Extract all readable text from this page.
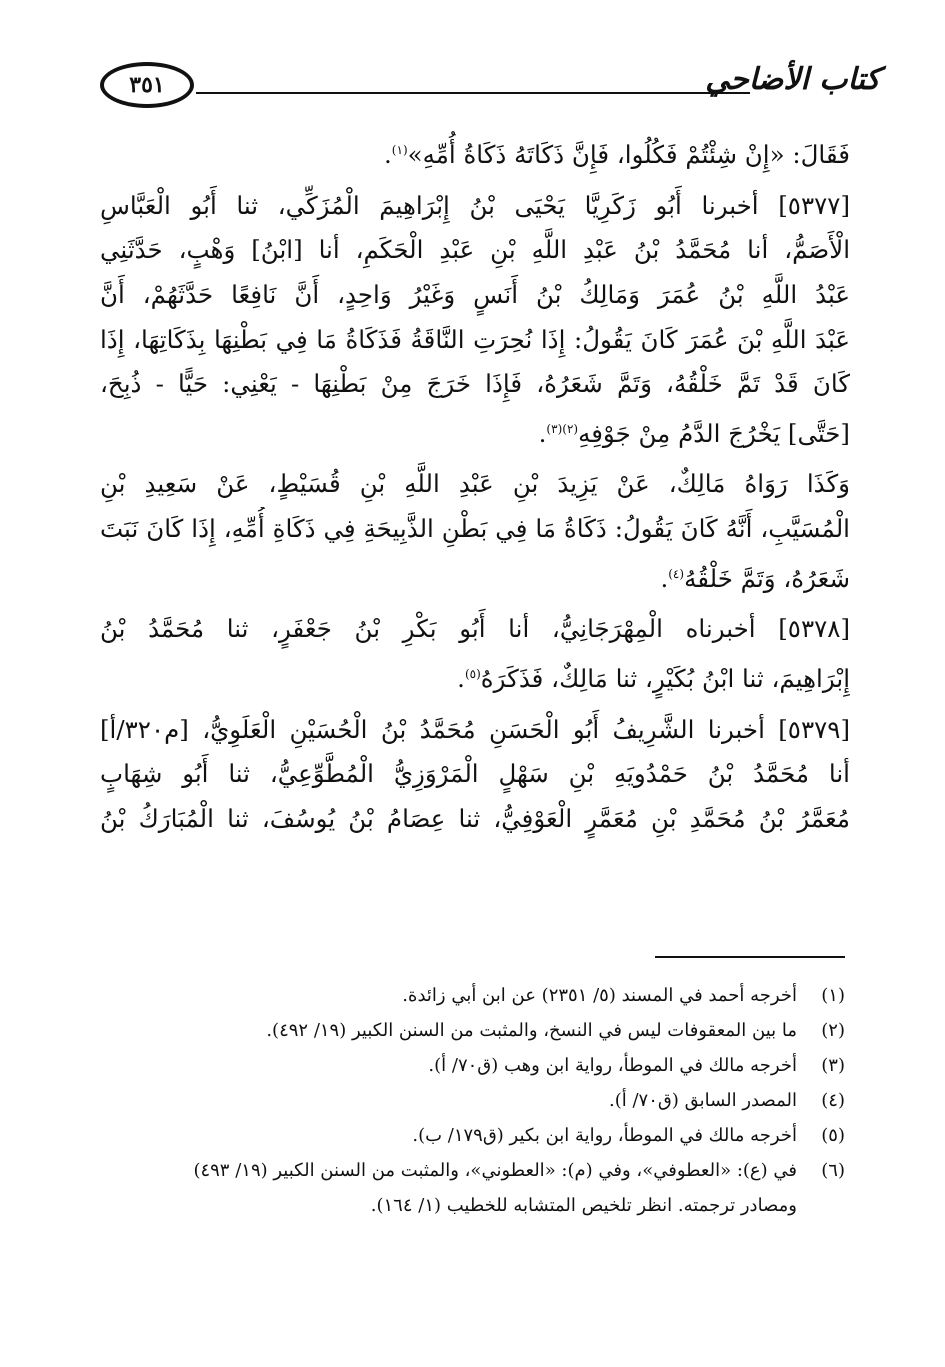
٣٥١	كتاب الأضاحي
فَقَالَ: «إِنْ شِئْتُمْ فَكُلُوا، فَإِنَّ ذَكَاتَهُ ذَكَاةُ أُمِّهِ»$^{(١)}$.
[٥٣٧٧] أخبرنا أَبُو زَكَرِيَّا يَحْيَى بْنُ إِبْرَاهِيمَ الْمُزَكِّي، ثنا أَبُو الْعَبَّاسِ
الْأَصَمُّ، أنا مُحَمَّدُ بْنُ عَبْدِ اللَّهِ بْنِ عَبْدِ الْحَكَمِ، أنا [ابْنُ] وَهْبٍ، حَدَّثَنِي
عَبْدُ اللَّهِ بْنُ عُمَرَ وَمَالِكُ بْنُ أَنَسٍ وَغَيْرُ وَاحِدٍ، أَنَّ نَافِعًا حَدَّثَهُمْ، أَنَّ
عَبْدَ اللَّهِ بْنَ عُمَرَ كَانَ يَقُولُ: إِذَا نُحِرَتِ النَّاقَةُ فَذَكَاةُ مَا فِي بَطْنِهَا بِذَكَاتِهَا، إِذَا
كَانَ قَدْ تَمَّ خَلْقُهُ، وَتَمَّ شَعَرُهُ، فَإِذَا خَرَجَ مِنْ بَطْنِهَا - يَعْنِي: حَيًّا - ذُبِحَ،
[حَتَّى] يَخْرُجَ الدَّمُ مِنْ جَوْفِهِ$^{(٢)(٣)}$.
وَكَذَا رَوَاهُ مَالِكٌ، عَنْ يَزِيدَ بْنِ عَبْدِ اللَّهِ بْنِ قُسَيْطٍ، عَنْ سَعِيدِ بْنِ
الْمُسَيَّبِ، أَنَّهُ كَانَ يَقُولُ: ذَكَاةُ مَا فِي بَطْنِ الذَّبِيحَةِ فِي ذَكَاةِ أُمِّهِ، إِذَا كَانَ نَبَتَ
شَعَرُهُ، وَتَمَّ خَلْقُهُ$^{(٤)}$.
[٥٣٧٨] أخبرناه الْمِهْرَجَانِيُّ، أنا أَبُو بَكْرِ بْنُ جَعْفَرٍ، ثنا مُحَمَّدُ بْنُ
إِبْرَاهِيمَ، ثنا ابْنُ بُكَيْرٍ، ثنا مَالِكٌ، فَذَكَرَهُ$^{(٥)}$.
[٥٣٧٩] أخبرنا الشَّرِيفُ أَبُو الْحَسَنِ مُحَمَّدُ بْنُ الْحُسَيْنِ الْعَلَوِيُّ، [م٣٢٠/أ]
أنا مُحَمَّدُ بْنُ حَمْدُويَهِ بْنِ سَهْلٍ الْمَرْوَزِيُّ الْمُطَّوِّعِيُّ، ثنا أَبُو شِهَابٍ
مُعَمَّرُ بْنُ مُحَمَّدِ بْنِ مُعَمَّرٍ الْعَوْفِيُّ، ثنا عِصَامُ بْنُ يُوسُفَ، ثنا الْمُبَارَكُ بْنُ
(١)
أخرجه أحمد في المسند (٥/ ٢٣٥١) عن ابن أبي زائدة.
(٢)
ما بين المعقوفات ليس في النسخ، والمثبت من السنن الكبير (١٩/ ٤٩٢).
(٣)
أخرجه مالك في الموطأ، رواية ابن وهب (ق٧٠/ أ).
(٤)
المصدر السابق (ق٧٠/ أ).
(٥)
أخرجه مالك في الموطأ، رواية ابن بكير (ق١٧٩/ ب).
(٦)
في (ع): «العطوفي»، وفي (م): «العطوني»، والمثبت من السنن الكبير (١٩/ ٤٩٣)
ومصادر ترجمته. انظر تلخيص المتشابه للخطيب (١/ ١٦٤).
